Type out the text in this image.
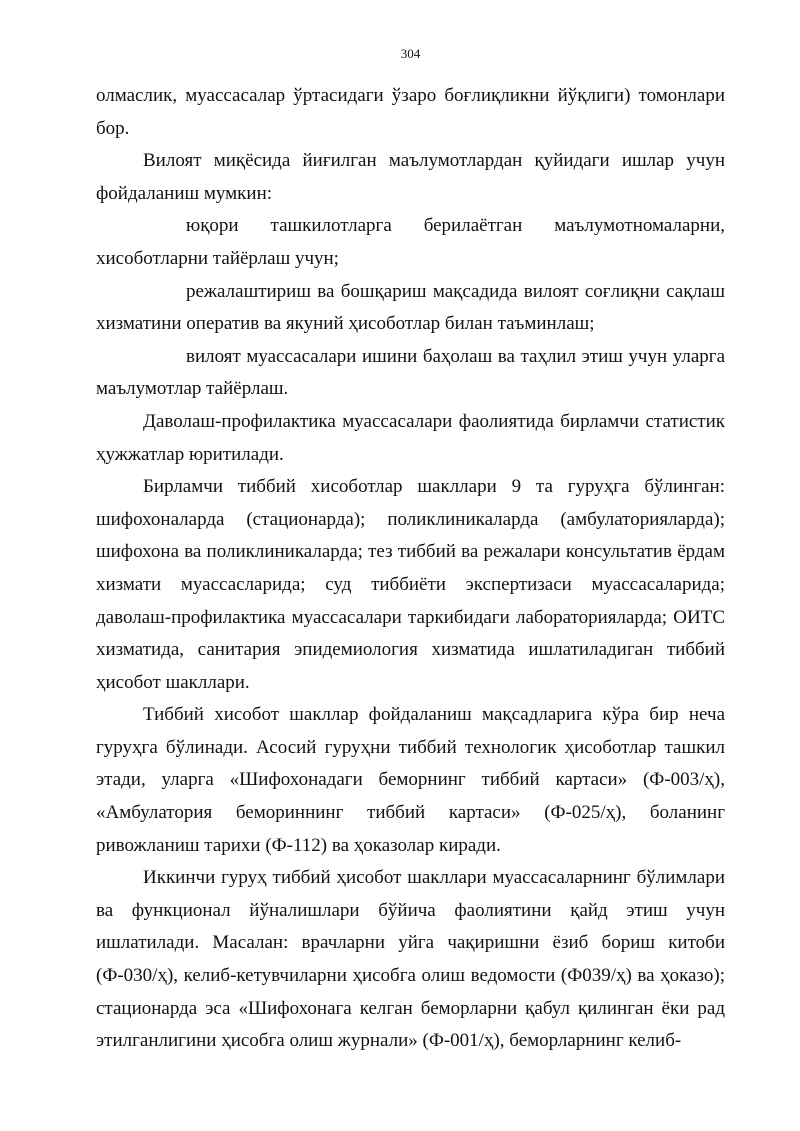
304

олмаслик, муассасалар ўртасидаги ўзаро боғлиқликни йўқлиги) томонлари бор.

Вилоят миқёсида йиғилган маълумотлардан қуйидаги ишлар учун фойдаланиш мумкин:

юқори ташкилотларга берилаётган маълумотномаларни, хисоботларни тайёрлаш учун;

режалаштириш ва бошқариш мақсадида вилоят соғлиқни сақлаш хизматини оператив ва якуний ҳисоботлар билан таъминлаш;

вилоят муассасалари ишини баҳолаш ва таҳлил этиш учун уларга маълумотлар тайёрлаш.

Даволаш-профилактика муассасалари фаолиятида бирламчи статистик ҳужжатлар юритилади.

Бирламчи тиббий хисоботлар шакллари 9 та гуруҳга бўлинган: шифохоналарда (стационарда); поликлиникаларда (амбулаторияларда); шифохона ва поликлиникаларда; тез тиббий ва режалари консультатив ёрдам хизмати муассасларида; суд тиббиёти экспертизаси муассасаларида; даволаш-профилактика муассасалари таркибидаги лабораторияларда; ОИТС хизматида, санитария эпидемиология хизматида ишлатиладиган тиббий ҳисобот шакллари.

Тиббий хисобот шакллар фойдаланиш мақсадларига кўра бир неча гуруҳга бўлинади. Асосий гуруҳни тиббий технологик ҳисоботлар ташкил этади, уларга «Шифохонадаги беморнинг тиббий картаси» (Ф-003/ҳ), «Амбулатория бемориннинг тиббий картаси» (Ф-025/ҳ), боланинг ривожланиш тарихи (Ф-112) ва ҳоказолар киради.

Иккинчи гуруҳ тиббий ҳисобот шакллари муассасаларнинг бўлимлари ва функционал йўналишлари бўйича фаолиятини қайд этиш учун ишлатилади. Масалан: врачларни уйга чақиришни ёзиб бориш китоби (Ф-030/ҳ), келиб-кетувчиларни ҳисобга олиш ведомости (Ф039/ҳ) ва ҳоказо); стационарда эса «Шифохонага келган беморларни қабул қилинган ёки рад этилганлигини ҳисобга олиш журнали» (Ф-001/ҳ), беморларнинг келиб-
